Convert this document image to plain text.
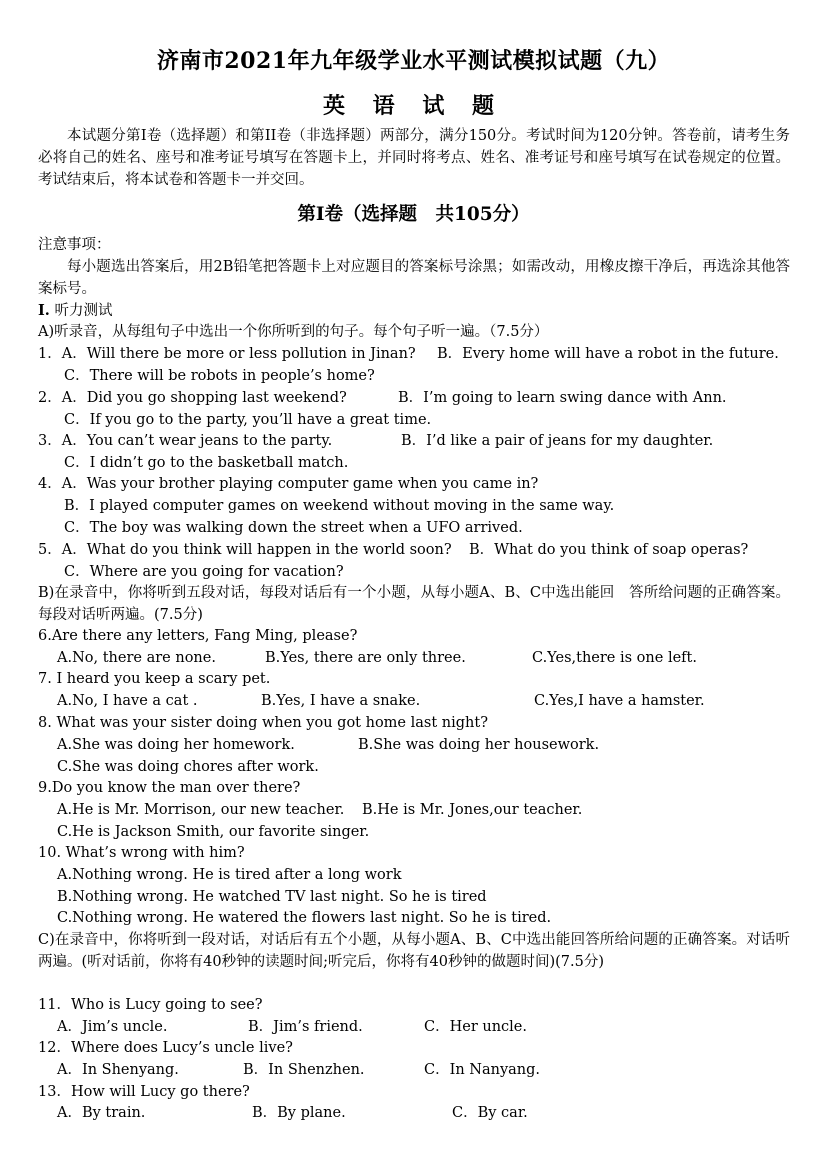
济南市2021年九年级学业水平测试模拟试题（九）
英 语 试 题
本试题分第I卷（选择题）和第II卷（非选择题）两部分，满分150分。考试时间为120分钟。答卷前，请考生务必将自己的姓名、座号和准考证号填写在答题卡上，并同时将考点、姓名、准考证号和座号填写在试卷规定的位置。考试结束后，将本试卷和答题卡一并交回。
第I卷（选择题　共105分）
注意事项：
每小题选出答案后，用2B铅笔把答题卡上对应题目的答案标号涂黑；如需改动，用橡皮擦干净后，再选涂其他答案标号。
I. 听力测试
A)听录音，从每组句子中选出一个你所听到的句子。每个句子听一遍。（7.5分）
1．A．Will there be more or less pollution in Jinan? B．Every home will have a robot in the future.
C．There will be robots in people’s home?
2．A．Did you go shopping last weekend?	B．I’m going to learn swing dance with Ann.
C．If you go to the party, you’ll have a great time.
3．A．You can’t wear jeans to the party.	B．I’d like a pair of jeans for my daughter.
C．I didn’t go to the basketball match.
4．A．Was your brother playing computer game when you came in?
B．I played computer games on weekend without moving in the same way.
C．The boy was walking down the street when a UFO arrived.
5．A．What do you think will happen in the world soon? B．What do you think of soap operas?
C．Where are you going for vacation?
B)在录音中，你将听到五段对话，每段对话后有一个小题，从每小题A、B、C中选出能回　答所给问题的正确答案。每段对话听两遍。(7.5分)
6.Are there any letters, Fang Ming, please?
A.No, there are none.	B.Yes, there are only three.	C.Yes,there is one left.
7. I heard you keep a scary pet.
A.No, I have a cat .	B.Yes, I have a snake.	C.Yes,I have a hamster.
8. What was your sister doing when you got home last night?
A.She was doing her homework.	B.She was doing her housework.
C.She was doing chores after work.
9.Do you know the man over there?
A.He is Mr. Morrison, our new teacher. B.He is Mr. Jones,our teacher.
C.He is Jackson Smith, our favorite singer.
10. What’s wrong with him?
A.Nothing wrong. He is tired after a long work
B.Nothing wrong. He watched TV last night. So he is tired
C.Nothing wrong. He watered the flowers last night. So he is tired.
C)在录音中，你将听到一段对话，对话后有五个小题，从每小题A、B、C中选出能回答所给问题的正确答案。对话听两遍。(听对话前，你将有40秒钟的读题时间;听完后，你将有40秒钟的做题时间)(7.5分)
11．Who is Lucy going to see?
A．Jim’s uncle.	B．Jim’s friend.	C．Her uncle.
12．Where does Lucy’s uncle live?
A．In Shenyang.	B．In Shenzhen.	C．In Nanyang.
13．How will Lucy go there?
A．By train.	B．By plane.	C．By car.
